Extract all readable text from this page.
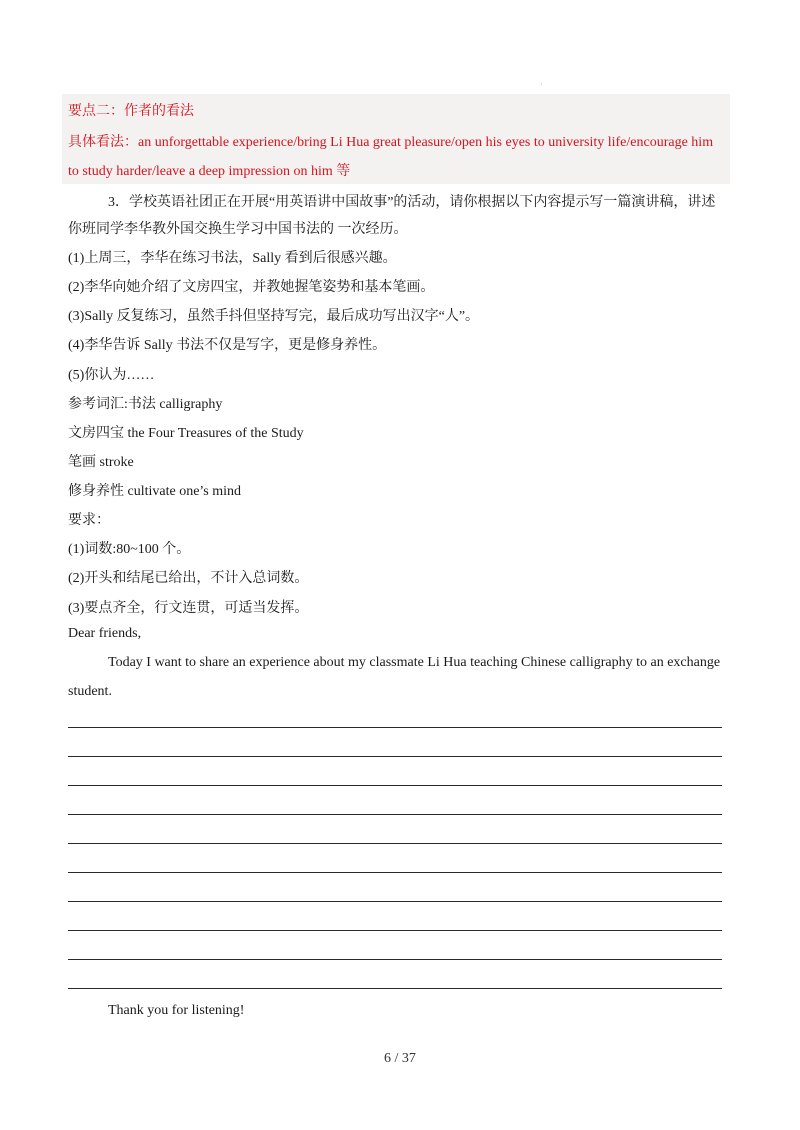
·
要点二：作者的看法
具体看法：an unforgettable experience/bring Li Hua great pleasure/open his eyes to university life/encourage him
to study harder/leave a deep impression on him 等
3．学校英语社团正在开展“用英语讲中国故事”的活动，请你根据以下内容提示写一篇演讲稿，讲述
你班同学李华教外国交换生学习中国书法的 一次经历。
(1)上周三，李华在练习书法，Sally 看到后很感兴趣。
(2)李华向她介绍了文房四宝，并教她握笔姿势和基本笔画。
(3)Sally 反复练习，虽然手抖但坚持写完，最后成功写出汉字“人”。
(4)李华告诉 Sally 书法不仅是写字，更是修身养性。
(5)你认为……
参考词汇:书法 calligraphy
文房四宝 the Four Treasures of the Study
笔画 stroke
修身养性 cultivate one’s mind
要求：
(1)词数:80~100 个。
(2)开头和结尾已给出，不计入总词数。
(3)要点齐全，行文连贯，可适当发挥。
Dear friends,
Today I want to share an experience about my classmate Li Hua teaching Chinese calligraphy to an exchange
student.
Thank you for listening!
6 / 37
